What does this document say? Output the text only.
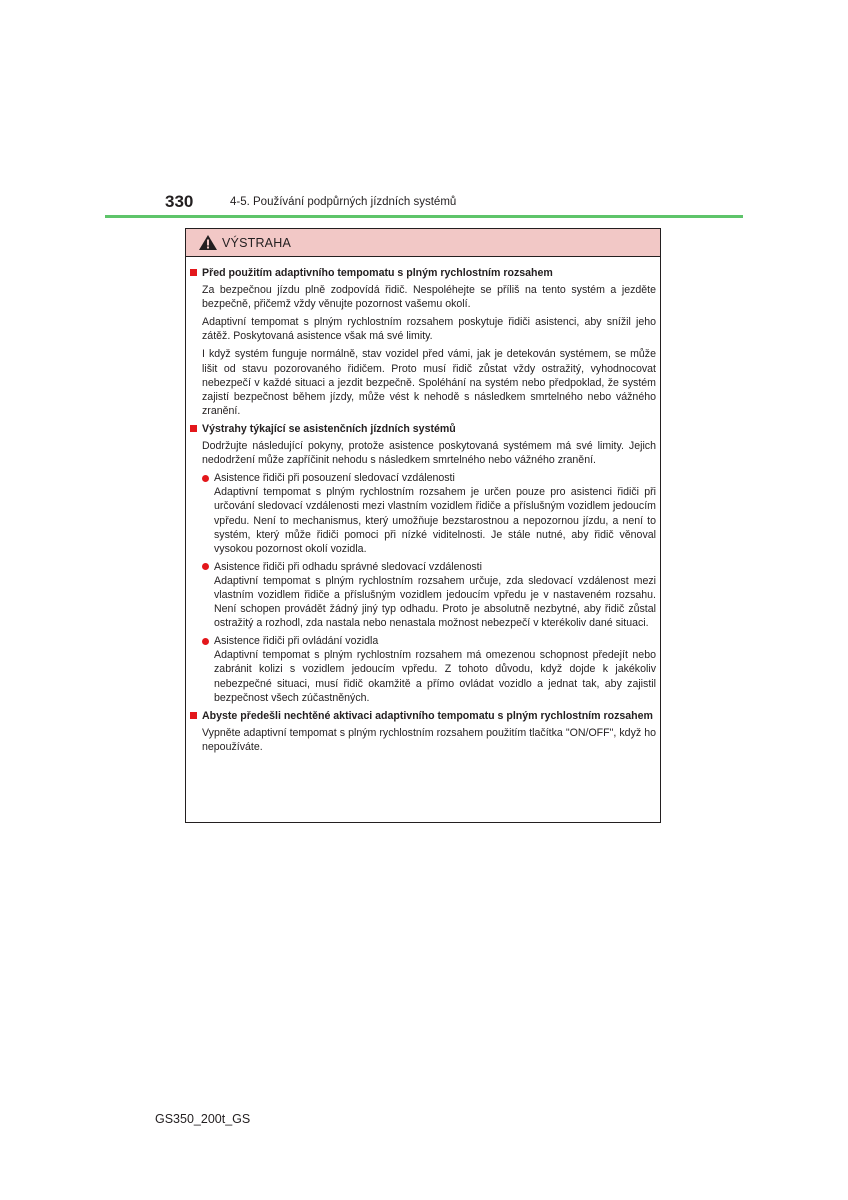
330	4-5. Používání podpůrných jízdních systémů
VÝSTRAHA
Před použitím adaptivního tempomatu s plným rychlostním rozsahem
Za bezpečnou jízdu plně zodpovídá řidič. Nespoléhejte se příliš na tento systém a jezděte bezpečně, přičemž vždy věnujte pozornost vašemu okolí.
Adaptivní tempomat s plným rychlostním rozsahem poskytuje řidiči asistenci, aby snížil jeho zátěž. Poskytovaná asistence však má své limity.
I když systém funguje normálně, stav vozidel před vámi, jak je detekován systémem, se může lišit od stavu pozorovaného řidičem. Proto musí řidič zůstat vždy ostražitý, vyhodnocovat nebezpečí v každé situaci a jezdit bezpečně. Spoléhání na systém nebo předpoklad, že systém zajistí bezpečnost během jízdy, může vést k nehodě s následkem smrtelného nebo vážného zranění.
Výstrahy týkající se asistenčních jízdních systémů
Dodržujte následující pokyny, protože asistence poskytovaná systémem má své limity. Jejich nedodržení může zapříčinit nehodu s následkem smrtelného nebo vážného zranění.
Asistence řidiči při posouzení sledovací vzdálenosti
Adaptivní tempomat s plným rychlostním rozsahem je určen pouze pro asistenci řidiči při určování sledovací vzdálenosti mezi vlastním vozidlem řidiče a příslušným vozidlem jedoucím vpředu. Není to mechanismus, který umožňuje bezstarostnou a nepozornou jízdu, a není to systém, který může řidiči pomoci při nízké viditelnosti. Je stále nutné, aby řidič věnoval vysokou pozornost okolí vozidla.
Asistence řidiči při odhadu správné sledovací vzdálenosti
Adaptivní tempomat s plným rychlostním rozsahem určuje, zda sledovací vzdálenost mezi vlastním vozidlem řidiče a příslušným vozidlem jedoucím vpředu je v nastaveném rozsahu. Není schopen provádět žádný jiný typ odhadu. Proto je absolutně nezbytné, aby řidič zůstal ostražitý a rozhodl, zda nastala nebo nenastala možnost nebezpečí v kterékoliv dané situaci.
Asistence řidiči při ovládání vozidla
Adaptivní tempomat s plným rychlostním rozsahem má omezenou schopnost předejít nebo zabránit kolizi s vozidlem jedoucím vpředu. Z tohoto důvodu, když dojde k jakékoliv nebezpečné situaci, musí řidič okamžitě a přímo ovládat vozidlo a jednat tak, aby zajistil bezpečnost všech zúčastněných.
Abyste předešli nechtěné aktivaci adaptivního tempomatu s plným rychlostním rozsahem
Vypněte adaptivní tempomat s plným rychlostním rozsahem použitím tlačítka "ON/OFF", když ho nepoužíváte.
GS350_200t_GS
